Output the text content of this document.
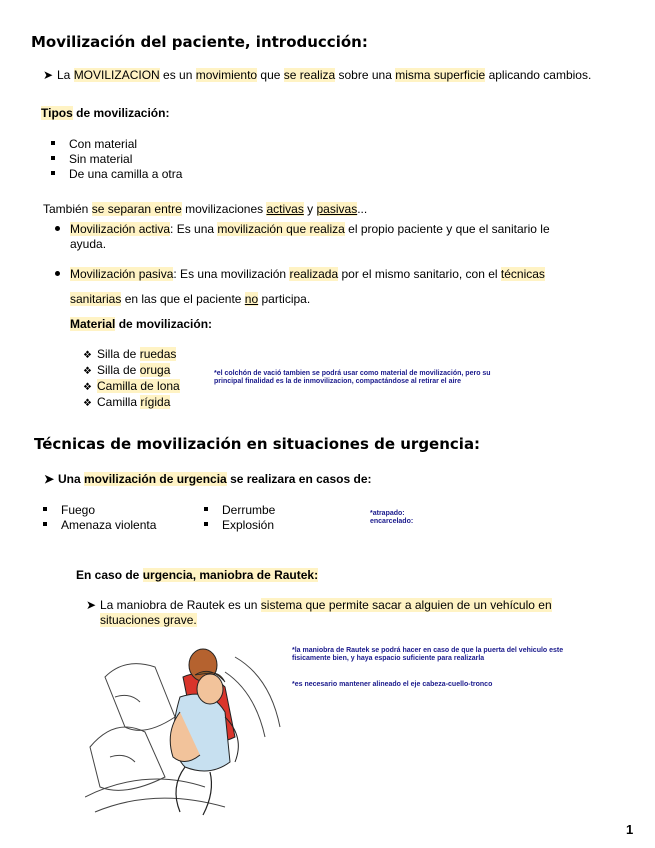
Movilización del paciente, introducción:
➤ La MOVILIZACION es un movimiento que se realiza sobre una misma superficie aplicando cambios.
Tipos de movilización:
Con material
Sin material
De una camilla a otra
También se separan entre movilizaciones activas y pasivas...
Movilización activa: Es una movilización que realiza el propio paciente y que el sanitario le
ayuda.
Movilización pasiva: Es una movilización realizada por el mismo sanitario, con el técnicas
sanitarias en las que el paciente no participa.
Material de movilización:
❖ Silla de ruedas
❖ Silla de oruga
❖ Camilla de lona
❖ Camilla rígida
*el colchón de vació tambien se podrá usar como material de movilización, pero su
principal finalidad es la de inmovilizacion, compactándose al retirar el aire
Técnicas de movilización en situaciones de urgencia:
➤ Una movilización de urgencia se realizara en casos de:
Fuego
Amenaza violenta
Derrumbe
Explosión
*atrapado:
encarcelado:
En caso de urgencia, maniobra de Rautek:
➤ La maniobra de Rautek es un sistema que permite sacar a alguien de un vehículo en
situaciones grave.
*la maniobra de Rautek se podrá hacer en caso de que la puerta del vehiculo este
fisicamente bien, y haya espacio suficiente para realizarla
*es necesario mantener alineado el eje cabeza-cuello-tronco
1
